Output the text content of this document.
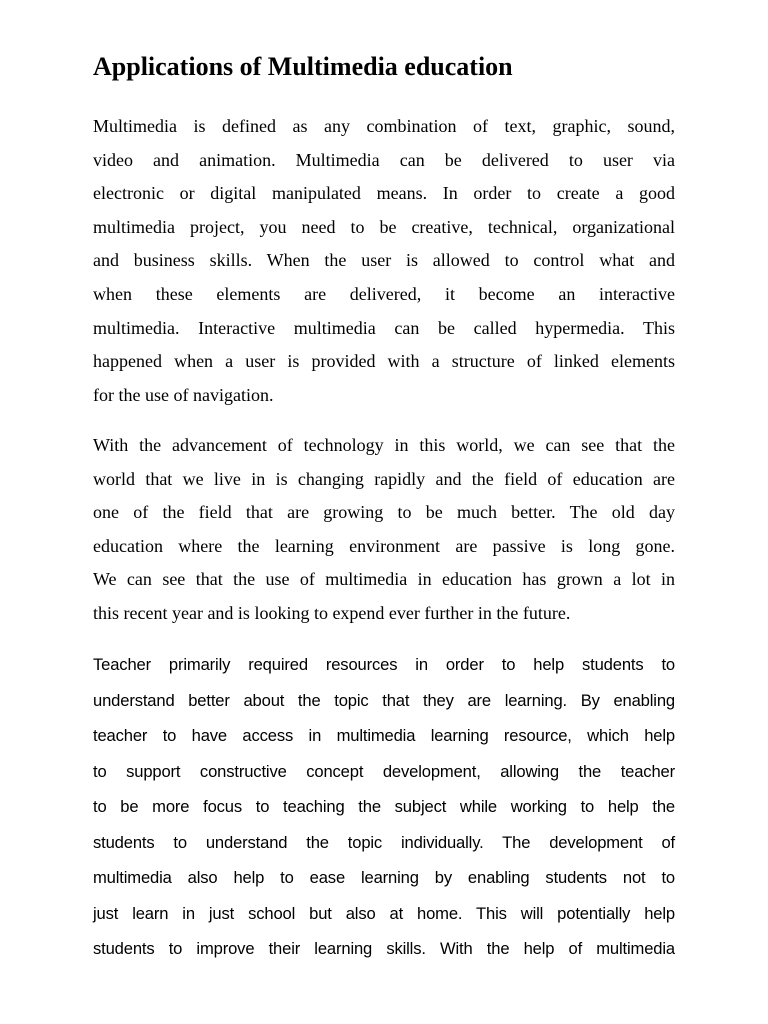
Applications of Multimedia education

Multimedia is defined as any combination of text, graphic, sound,
video and animation. Multimedia can be delivered to user via
electronic or digital manipulated means. In order to create a good
multimedia project, you need to be creative, technical, organizational
and business skills. When the user is allowed to control what and
when these elements are delivered, it become an interactive
multimedia. Interactive multimedia can be called hypermedia. This
happened when a user is provided with a structure of linked elements
for the use of navigation.

With the advancement of technology in this world, we can see that the
world that we live in is changing rapidly and the field of education are
one of the field that are growing to be much better. The old day
education where the learning environment are passive is long gone.
We can see that the use of multimedia in education has grown a lot in
this recent year and is looking to expend ever further in the future.

Teacher primarily required resources in order to help students to
understand better about the topic that they are learning. By enabling
teacher to have access in multimedia learning resource, which help
to support constructive concept development, allowing the teacher
to be more focus to teaching the subject while working to help the
students to understand the topic individually. The development of
multimedia also help to ease learning by enabling students not to
just learn in just school but also at home. This will potentially help
students to improve their learning skills. With the help of multimedia
